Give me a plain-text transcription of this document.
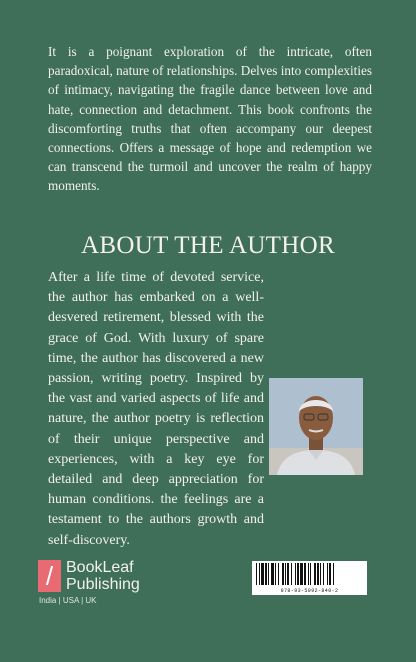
It is a poignant exploration of the intricate, often paradoxical, nature of relationships. Delves into complexities of intimacy, navigating the fragile dance between love and hate, connection and detachment. This book confronts the discomforting truths that often accompany our deepest connections. Offers a message of hope and redemption we can transcend the turmoil and uncover the realm of happy moments.

ABOUT THE AUTHOR

After a life time of devoted service, the author has embarked on a well-desvered retirement, blessed with the grace of God. With luxury of spare time, the author has discovered a new passion, writing poetry. Inspired by the vast and varied aspects of life and nature, the author poetry is reflection of their unique perspective and experiences, with a key eye for detailed and deep appreciation for human conditions. the feelings are a testament to the authors growth and self-discovery.

/ BookLeaf
Publishing
India | USA | UK
978-93-5992-840-2
